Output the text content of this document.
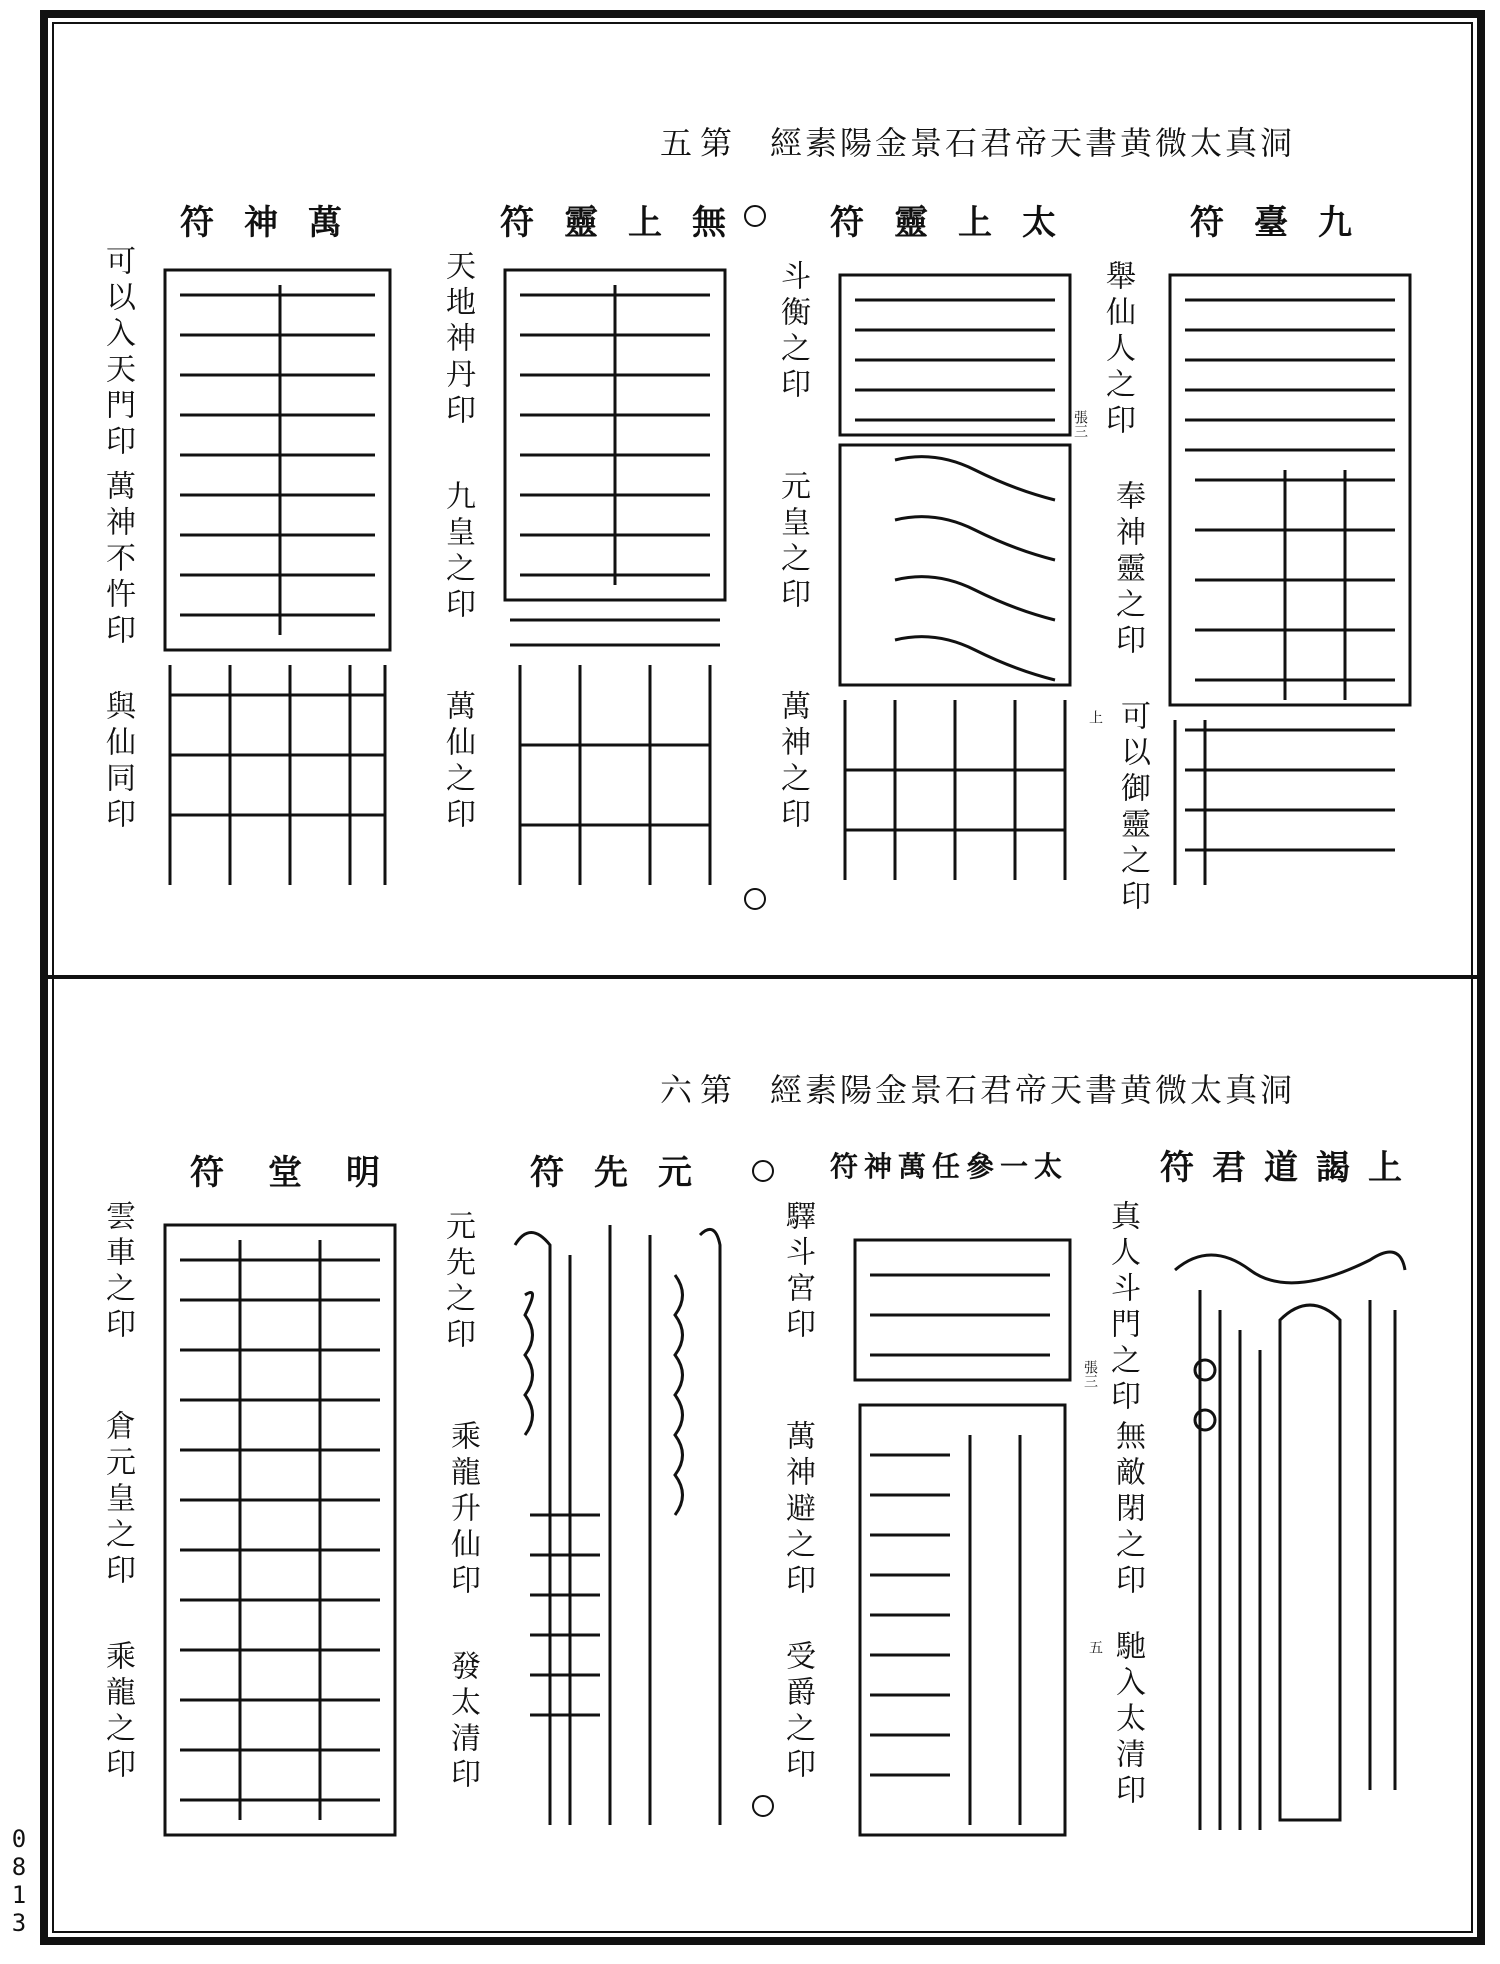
0813
第五 洞真太微黄書天帝君石景金陽素經
九臺符
太上靈符
無上靈符
萬神符
舉仙人之印
奉神靈之印
可以御靈之印
斗衡之印
元皇之印
萬神之印
張三
上
天地神丹印
九皇之印
萬仙之印
可以入天門印
萬神不忤印
與仙同印
第六 洞真太微黄書天帝君石景金陽素經
上謁道君符
太一參任萬神符
元先符
明堂符
真人斗門之印
無敵閉之印
馳入太清印
驛斗宮印
萬神避之印
受爵之印
張三
五
元先之印
乘龍升仙印
發太清印
雲車之印
倉元皇之印
乘龍之印
